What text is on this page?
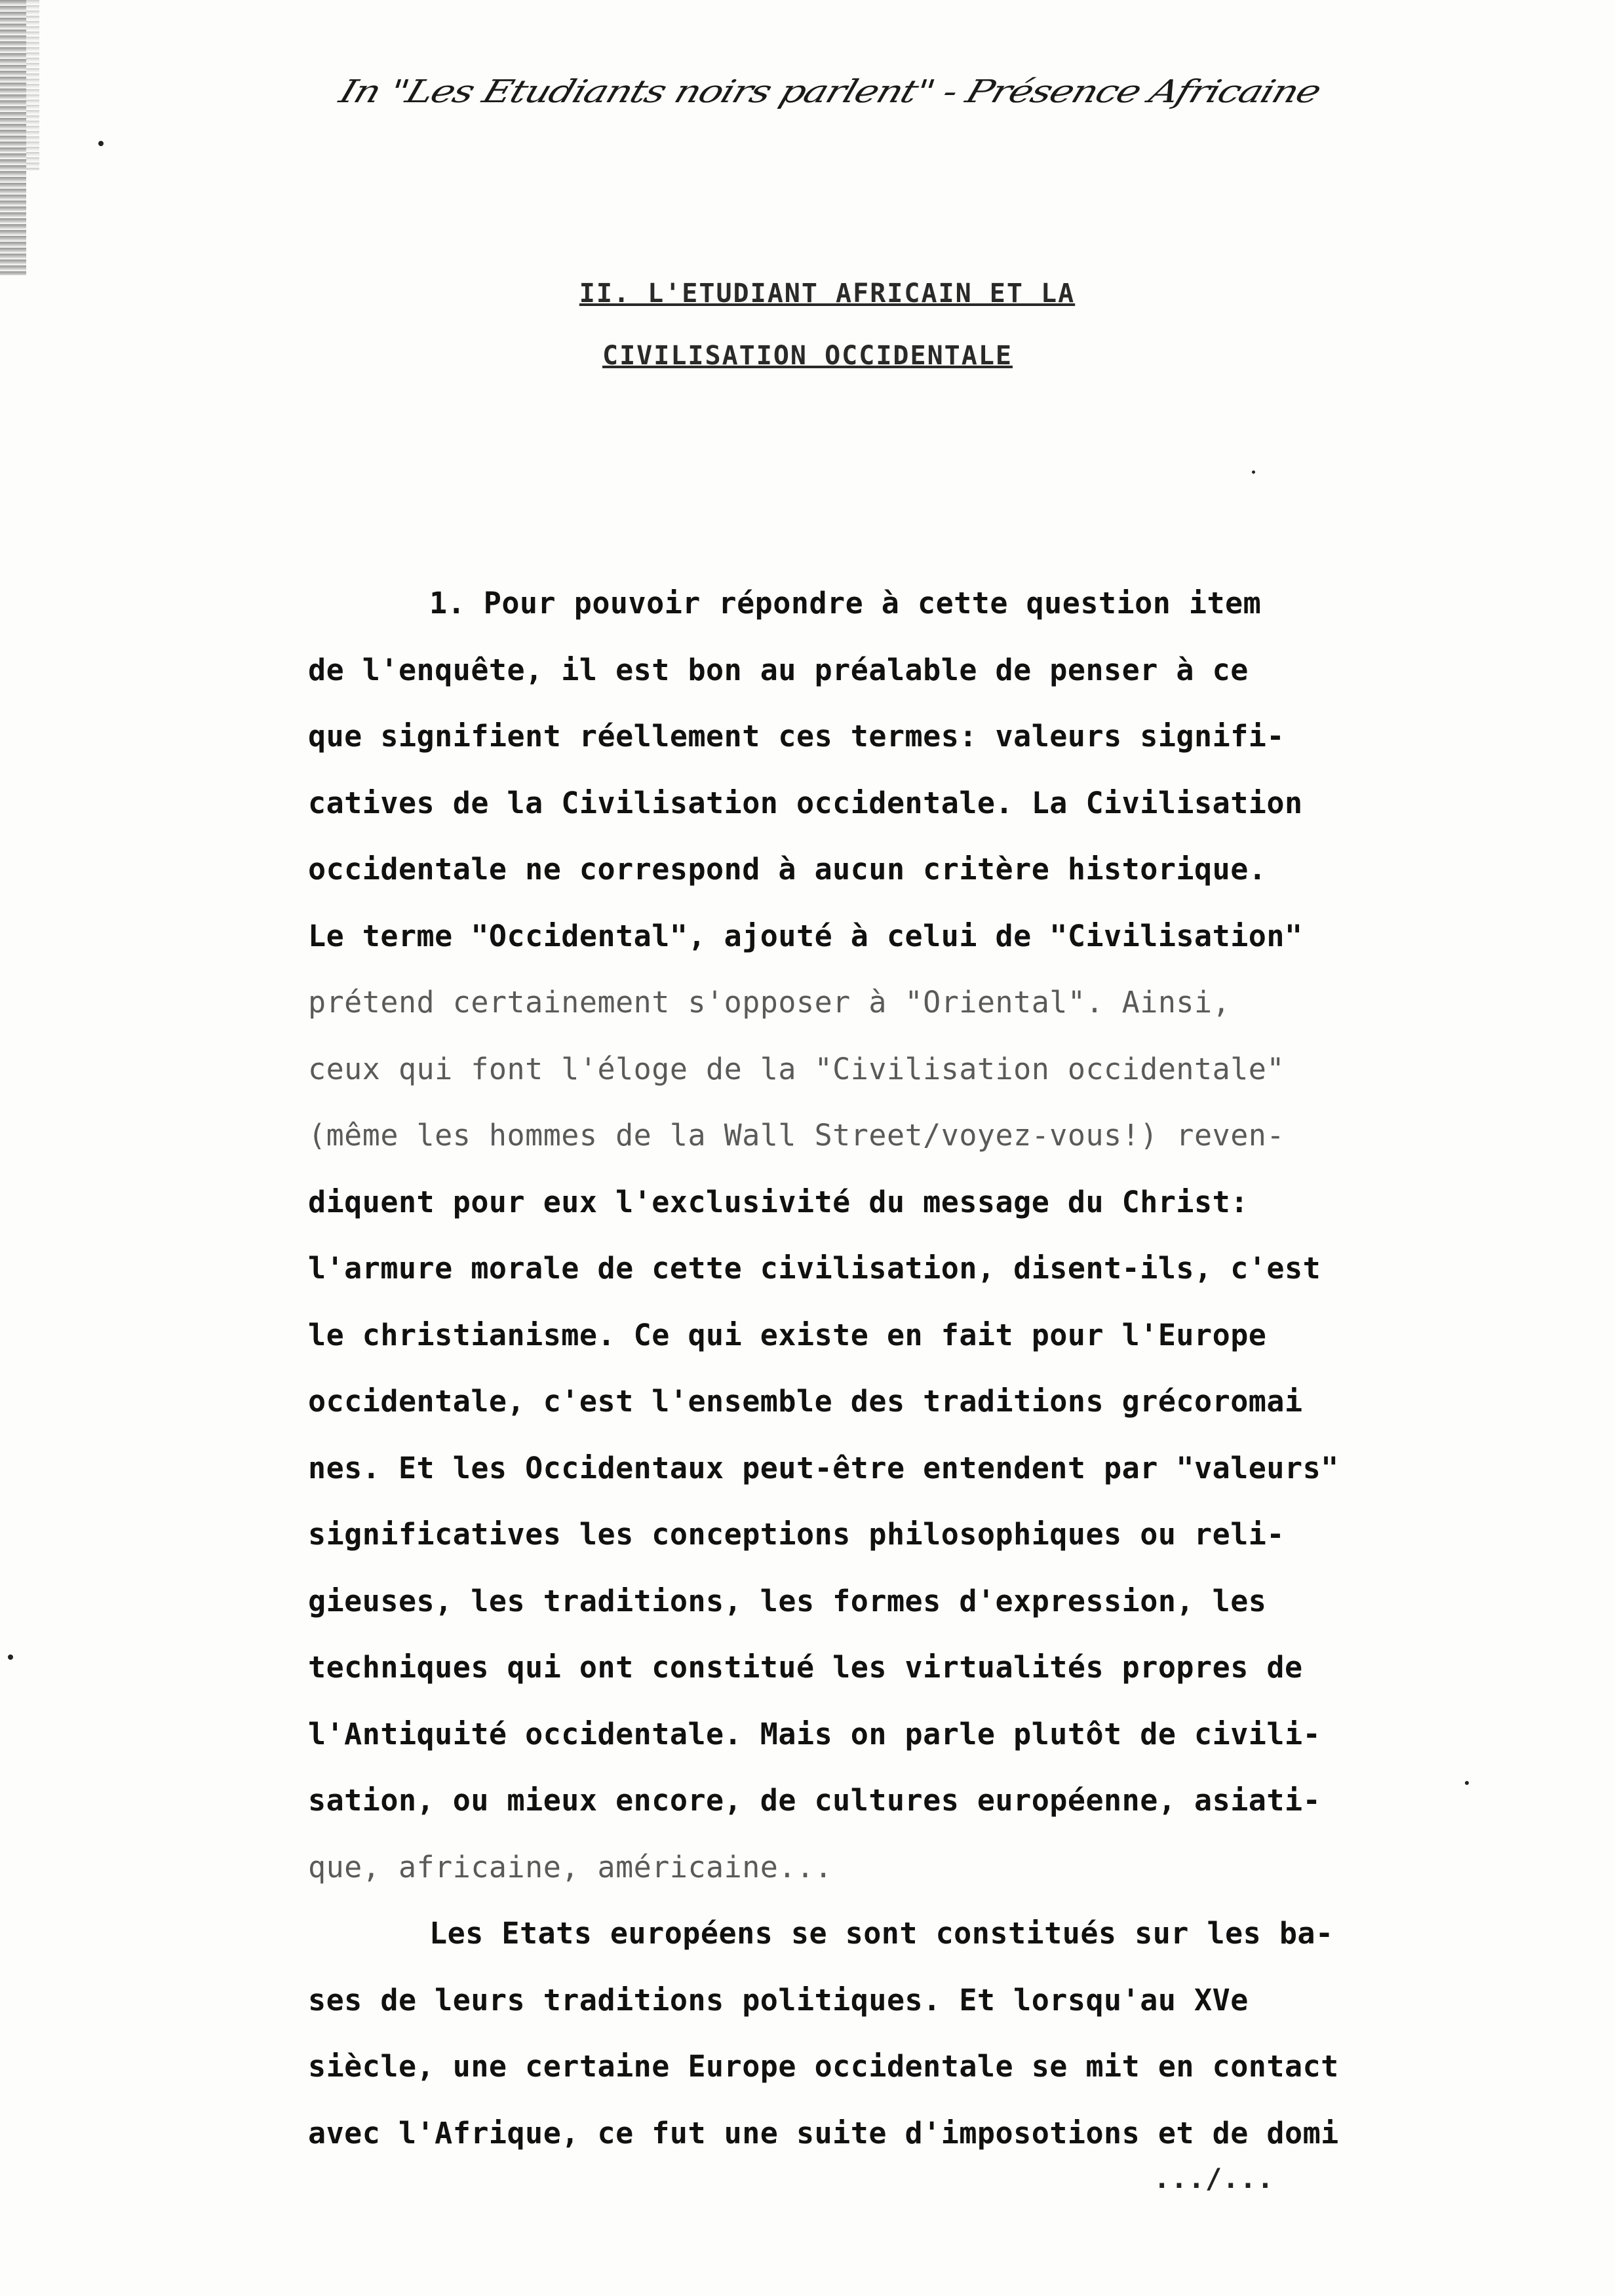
In "Les Etudiants noirs parlent" - Présence Africaine
II. L'ETUDIANT AFRICAIN ET LA
CIVILISATION OCCIDENTALE
1. Pour pouvoir répondre à cette question item
de l'enquête, il est bon au préalable de penser à ce
que signifient réellement ces termes: valeurs signifi-
catives de la Civilisation occidentale. La Civilisation
occidentale ne correspond à aucun critère historique.
Le terme "Occidental", ajouté à celui de "Civilisation"
prétend certainement s'opposer à "Oriental". Ainsi,
ceux qui font l'éloge de la "Civilisation occidentale"
(même les hommes de la Wall Street/voyez-vous!) reven-
diquent pour eux l'exclusivité du message du Christ:
l'armure morale de cette civilisation, disent-ils, c'est
le christianisme. Ce qui existe en fait pour l'Europe
occidentale, c'est l'ensemble des traditions grécoromai
nes. Et les Occidentaux peut-être entendent par "valeurs"
significatives les conceptions philosophiques ou reli-
gieuses, les traditions, les formes d'expression, les
techniques qui ont constitué les virtualités propres de
l'Antiquité occidentale. Mais on parle plutôt de civili-
sation, ou mieux encore, de cultures européenne, asiati-
que, africaine, américaine...
Les Etats européens se sont constitués sur les ba-
ses de leurs traditions politiques. Et lorsqu'au XVe
siècle, une certaine Europe occidentale se mit en contact
avec l'Afrique, ce fut une suite d'imposotions et de domi
.../...
